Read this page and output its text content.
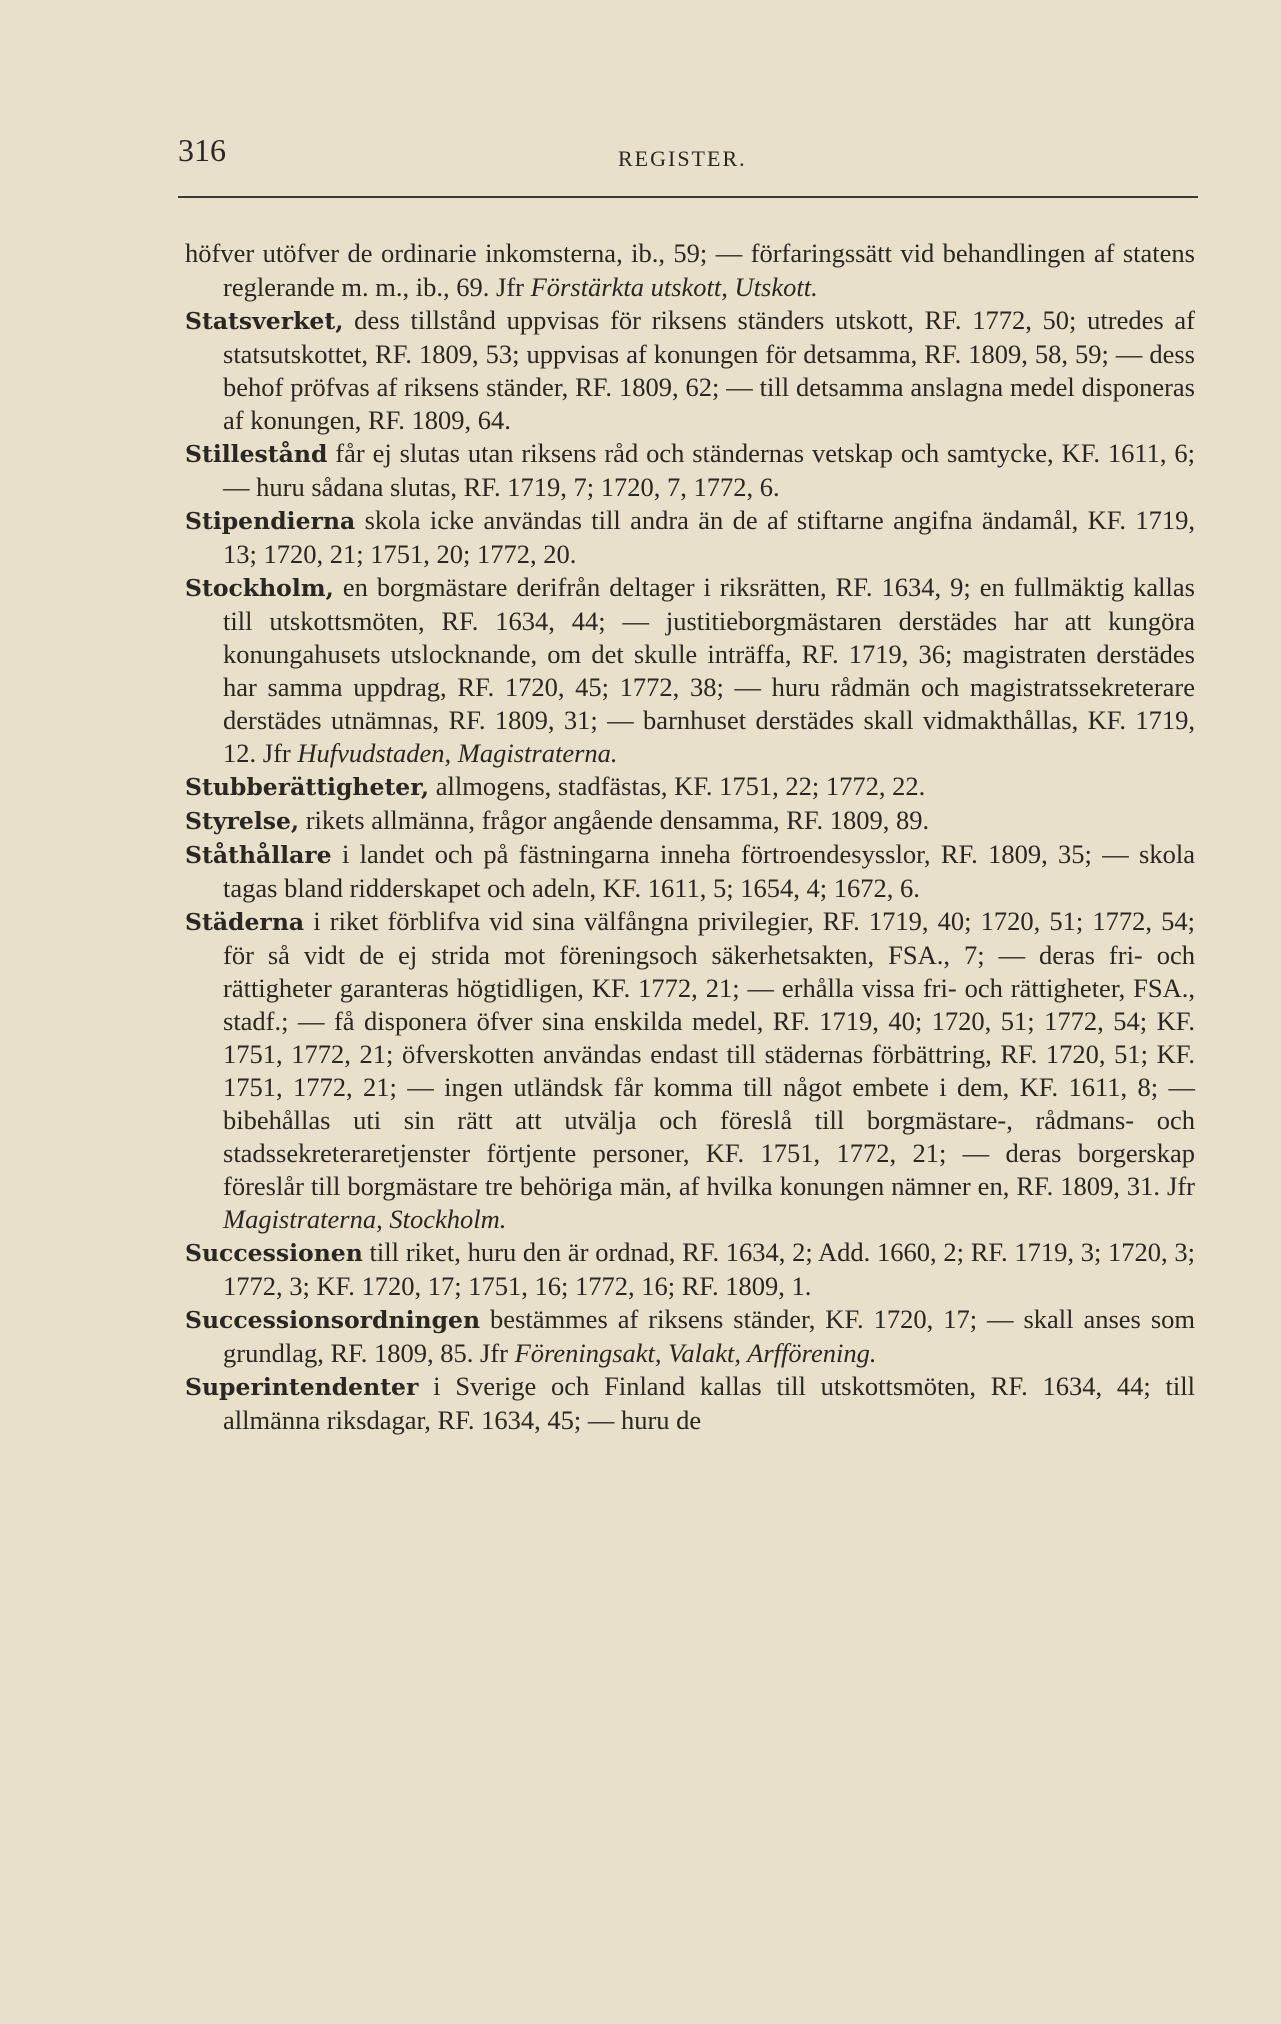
316	REGISTER.

höfver utöfver de ordinarie inkomsterna, ib., 59; — förfaringssätt vid behandlingen af statens reglerande m. m., ib., 69. Jfr Förstärkta utskott, Utskott.

Statsverket, dess tillstånd uppvisas för riksens ständers utskott, RF. 1772, 50; utredes af statsutskottet, RF. 1809, 53; uppvisas af konungen för detsamma, RF. 1809, 58, 59; — dess behof pröfvas af riksens ständer, RF. 1809, 62; — till detsamma anslagna medel disponeras af konungen, RF. 1809, 64.

Stillestånd får ej slutas utan riksens råd och ständernas vetskap och samtycke, KF. 1611, 6; — huru sådana slutas, RF. 1719, 7; 1720, 7, 1772, 6.

Stipendierna skola icke användas till andra än de af stiftarne angifna ändamål, KF. 1719, 13; 1720, 21; 1751, 20; 1772, 20.

Stockholm, en borgmästare derifrån deltager i riksrätten, RF. 1634, 9; en fullmäktig kallas till utskottsmöten, RF. 1634, 44; — justitieborgmästaren derstädes har att kungöra konungahusets utslocknande, om det skulle inträffa, RF. 1719, 36; magistraten derstädes har samma uppdrag, RF. 1720, 45; 1772, 38; — huru rådmän och magistratssekreterare derstädes utnämnas, RF. 1809, 31; — barnhuset derstädes skall vidmakthållas, KF. 1719, 12. Jfr Hufvudstaden, Magistraterna.

Stubberättigheter, allmogens, stadfästas, KF. 1751, 22; 1772, 22.

Styrelse, rikets allmänna, frågor angående densamma, RF. 1809, 89.

Ståthållare i landet och på fästningarna inneha förtroendesysslor, RF. 1809, 35; — skola tagas bland ridderskapet och adeln, KF. 1611, 5; 1654, 4; 1672, 6.

Städerna i riket förblifva vid sina välfångna privilegier, RF. 1719, 40; 1720, 51; 1772, 54; för så vidt de ej strida mot föreningsoch säkerhetsakten, FSA., 7; — deras fri- och rättigheter garanteras högtidligen, KF. 1772, 21; — erhålla vissa fri- och rättigheter, FSA., stadf.; — få disponera öfver sina enskilda medel, RF. 1719, 40; 1720, 51; 1772, 54; KF. 1751, 1772, 21; öfverskotten användas endast till städernas förbättring, RF. 1720, 51; KF. 1751, 1772, 21; — ingen utländsk får komma till något embete i dem, KF. 1611, 8; — bibehållas uti sin rätt att utvälja och föreslå till borgmästare-, rådmans- och stadssekreteraretjenster förtjente personer, KF. 1751, 1772, 21; — deras borgerskap föreslår till borgmästare tre behöriga män, af hvilka konungen nämner en, RF. 1809, 31. Jfr Magistraterna, Stockholm.

Successionen till riket, huru den är ordnad, RF. 1634, 2; Add. 1660, 2; RF. 1719, 3; 1720, 3; 1772, 3; KF. 1720, 17; 1751, 16; 1772, 16; RF. 1809, 1.

Successionsordningen bestämmes af riksens ständer, KF. 1720, 17; — skall anses som grundlag, RF. 1809, 85. Jfr Föreningsakt, Valakt, Arfförening.

Superintendenter i Sverige och Finland kallas till utskottsmöten, RF. 1634, 44; till allmänna riksdagar, RF. 1634, 45; — huru de
